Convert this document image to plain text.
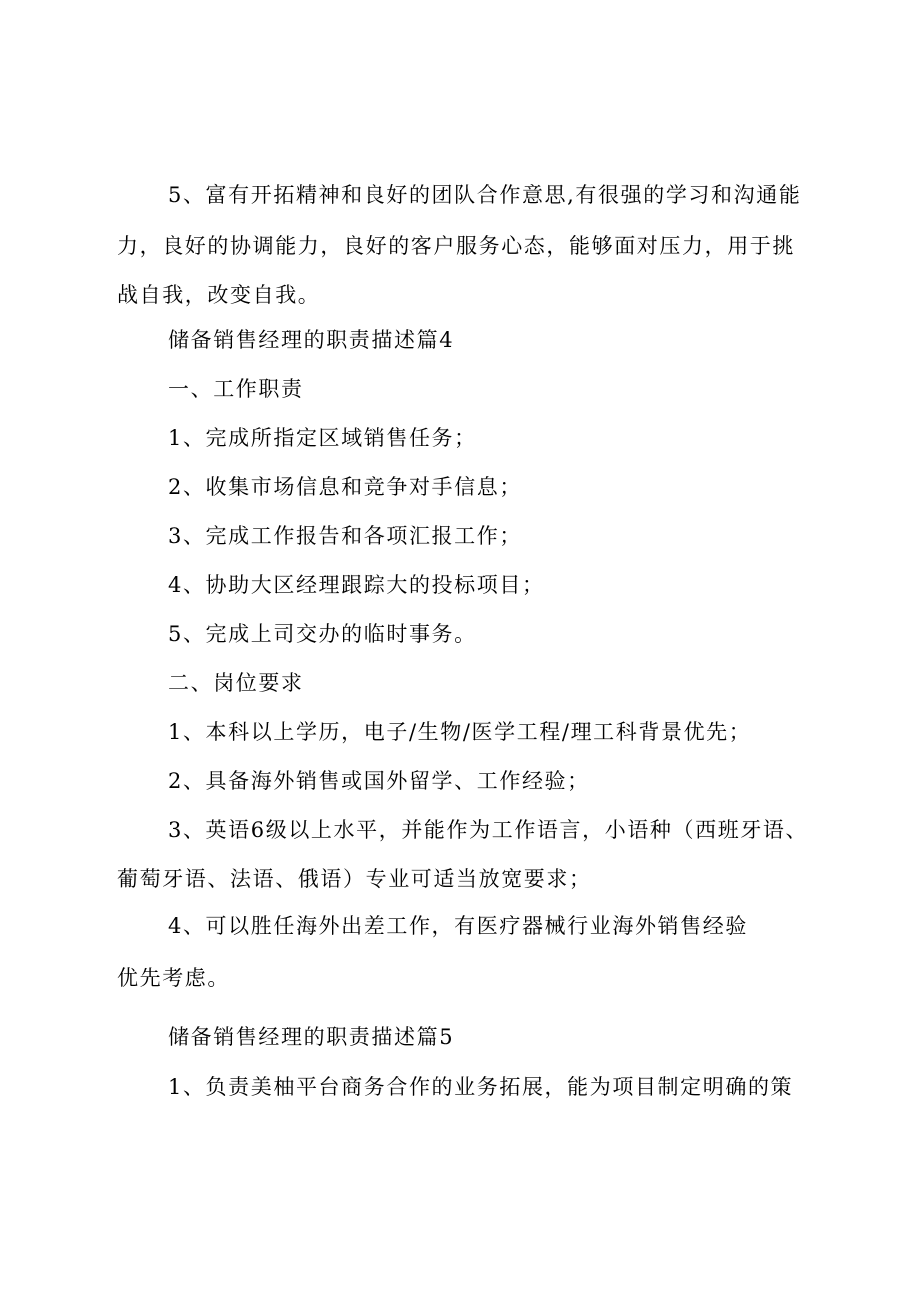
5、富有开拓精神和良好的团队合作意思,有很强的学习和沟通能

力，良好的协调能力，良好的客户服务心态，能够面对压力，用于挑

战自我，改变自我。

储备销售经理的职责描述篇4

一、工作职责

1、完成所指定区域销售任务；

2、收集市场信息和竞争对手信息；

3、完成工作报告和各项汇报工作；

4、协助大区经理跟踪大的投标项目；

5、完成上司交办的临时事务。

二、岗位要求

1、本科以上学历，电子/生物/医学工程/理工科背景优先；

2、具备海外销售或国外留学、工作经验；

3、英语6级以上水平，并能作为工作语言，小语种（西班牙语、

葡萄牙语、法语、俄语）专业可适当放宽要求；

4、可以胜任海外出差工作，有医疗器械行业海外销售经验

优先考虑。

储备销售经理的职责描述篇5

1、负责美柚平台商务合作的业务拓展，能为项目制定明确的策
